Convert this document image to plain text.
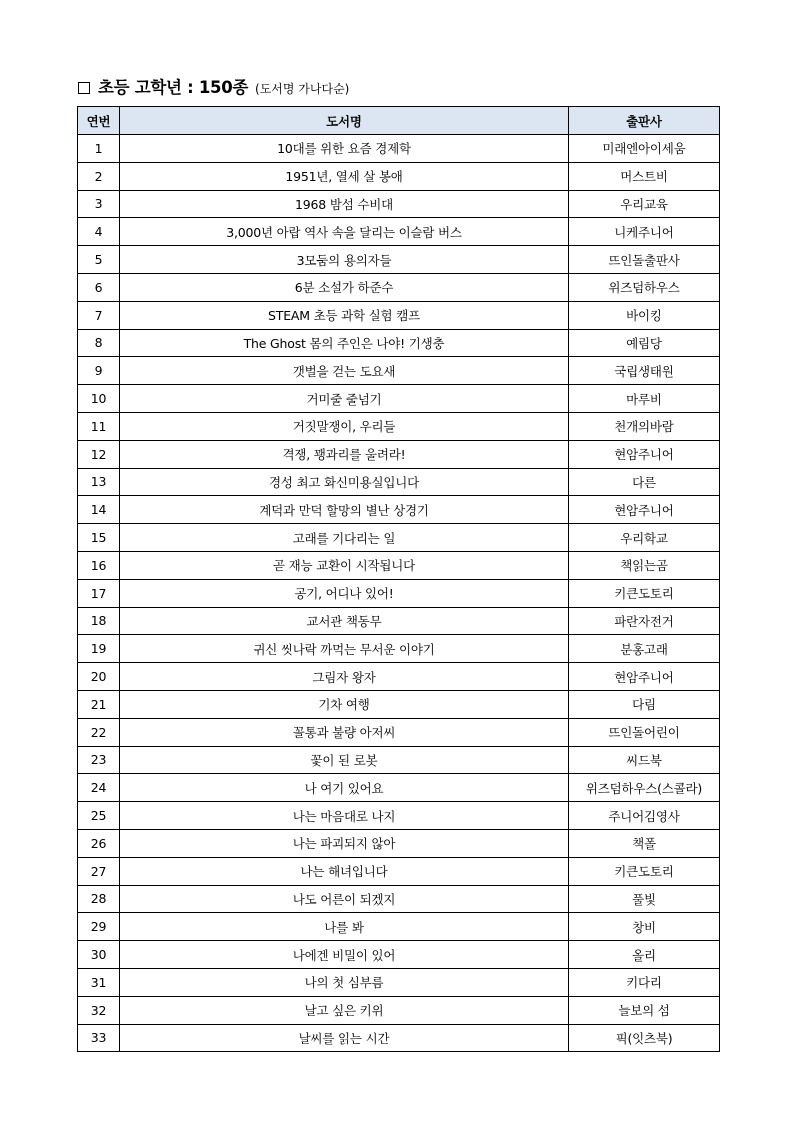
초등 고학년 : 150종 (도서명 가나다순)
연번	도서명	출판사
1	10대를 위한 요즘 경제학	미래엔아이세움
2	1951년, 열세 살 봉애	머스트비
3	1968 밤섬 수비대	우리교육
4	3,000년 아랍 역사 속을 달리는 이슬람 버스	니케주니어
5	3모둠의 용의자들	뜨인돌출판사
6	6분 소설가 하준수	위즈덤하우스
7	STEAM 초등 과학 실험 캠프	바이킹
8	The Ghost 몸의 주인은 나야! 기생충	예림당
9	갯벌을 걷는 도요새	국립생태원
10	거미줄 줄넘기	마루비
11	거짓말쟁이, 우리들	천개의바람
12	격쟁, 꽹과리를 울려라!	현암주니어
13	경성 최고 화신미용실입니다	다른
14	계덕과 만덕 할망의 별난 상경기	현암주니어
15	고래를 기다리는 일	우리학교
16	곧 재능 교환이 시작됩니다	책읽는곰
17	공기, 어디나 있어!	키큰도토리
18	교서관 책동무	파란자전거
19	귀신 씻나락 까먹는 무서운 이야기	분홍고래
20	그림자 왕자	현암주니어
21	기차 여행	다림
22	꼴통과 불량 아저씨	뜨인돌어린이
23	꽃이 된 로봇	씨드북
24	나 여기 있어요	위즈덤하우스(스콜라)
25	나는 마음대로 나지	주니어김영사
26	나는 파괴되지 않아	책폴
27	나는 해녀입니다	키큰도토리
28	나도 어른이 되겠지	풀빛
29	나를 봐	창비
30	나에겐 비밀이 있어	올리
31	나의 첫 심부름	키다리
32	날고 싶은 키위	늘보의 섬
33	날씨를 읽는 시간	픽(잇츠북)
